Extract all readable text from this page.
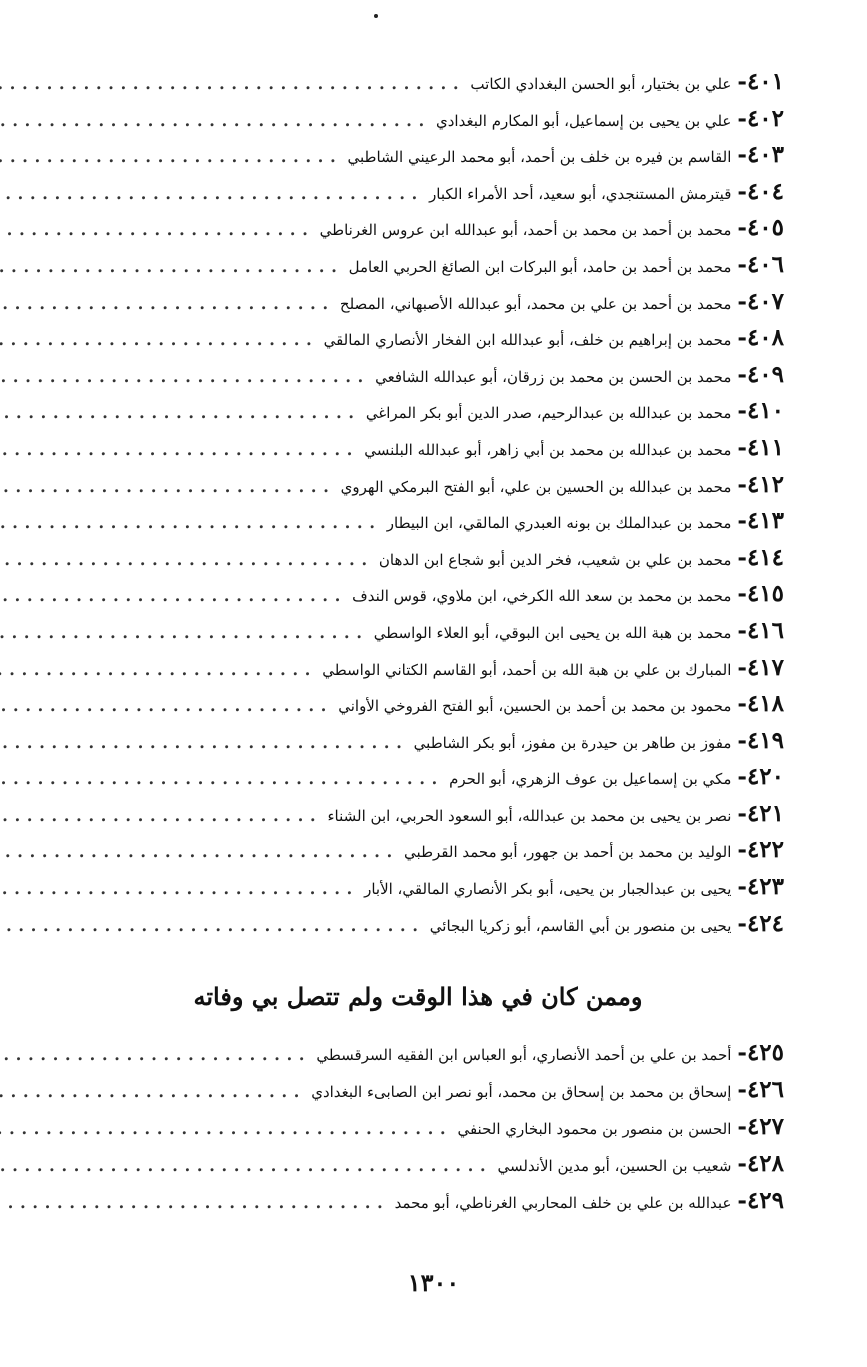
٤٠١
-
علي بن بختيار، أبو الحسن البغدادي الكاتب
.....
٤٠٢
-
علي بن يحيى بن إسماعيل، أبو المكارم البغدادي
.....
٤٠٣
-
القاسم بن فيره بن خلف بن أحمد، أبو محمد الرعيني الشاطبي
.....
٤٠٤
-
قيترمش المستنجدي، أبو سعيد، أحد الأمراء الكبار
.....
٤٠٥
-
محمد بن أحمد بن محمد بن أحمد، أبو عبدالله ابن عروس الغرناطي
.....
٤٠٦
-
محمد بن أحمد بن حامد، أبو البركات ابن الصائغ الحربي العامل
.....
٤٠٧
-
محمد بن أحمد بن علي بن محمد، أبو عبدالله الأصبهاني، المصلح
.....
٤٠٨
-
محمد بن إبراهيم بن خلف، أبو عبدالله ابن الفخار الأنصاري المالقي
.....
٤٠٩
-
محمد بن الحسن بن محمد بن زرقان، أبو عبدالله الشافعي
.....
٤١٠
-
محمد بن عبدالله بن عبدالرحيم، صدر الدين أبو بكر المراغي
.....
٤١١
-
محمد بن عبدالله بن محمد بن أبي زاهر، أبو عبدالله البلنسي
.....
٤١٢
-
محمد بن عبدالله بن الحسين بن علي، أبو الفتح البرمكي الهروي
.....
٤١٣
-
محمد بن عبدالملك بن بونه العبدري المالقي، ابن البيطار
.....
٤١٤
-
محمد بن علي بن شعيب، فخر الدين أبو شجاع ابن الدهان
.....
٤١٥
-
محمد بن محمد بن سعد الله الكرخي، ابن ملاوي، قوس الندف
.....
٤١٦
-
محمد بن هبة الله بن يحيى ابن البوقي، أبو العلاء الواسطي
.....
٤١٧
-
المبارك بن علي بن هبة الله بن أحمد، أبو القاسم الكتاني الواسطي
.....
٤١٨
-
محمود بن محمد بن أحمد بن الحسين، أبو الفتح الفروخي الأواني
.....
٤١٩
-
مفوز بن طاهر بن حيدرة بن مفوز، أبو بكر الشاطبي
.....
٤٢٠
-
مكي بن إسماعيل بن عوف الزهري، أبو الحرم
.....
٤٢١
-
نصر بن يحيى بن محمد بن عبدالله، أبو السعود الحربي، ابن الشناء
.....
٤٢٢
-
الوليد بن محمد بن أحمد بن جهور، أبو محمد القرطبي
.....
٤٢٣
-
يحيى بن عبدالجبار بن يحيى، أبو بكر الأنصاري المالقي، الأبار
.....
٤٢٤
-
يحيى بن منصور بن أبي القاسم، أبو زكريا البجائي
.....
وممن كان في هذا الوقت ولم تتصل بي وفاته
٤٢٥
-
أحمد بن علي بن أحمد الأنصاري، أبو العباس ابن الفقيه السرقسطي
.....
٤٢٦
-
إسحاق بن محمد بن إسحاق بن محمد، أبو نصر ابن الصابىء البغدادي
.....
٤٢٧
-
الحسن بن منصور بن محمود البخاري الحنفي
.....
٤٢٨
-
شعيب بن الحسين، أبو مدين الأندلسي
.....
٤٢٩
-
عبدالله بن علي بن خلف المحاربي الغرناطي، أبو محمد
.....
١٣٠٠
